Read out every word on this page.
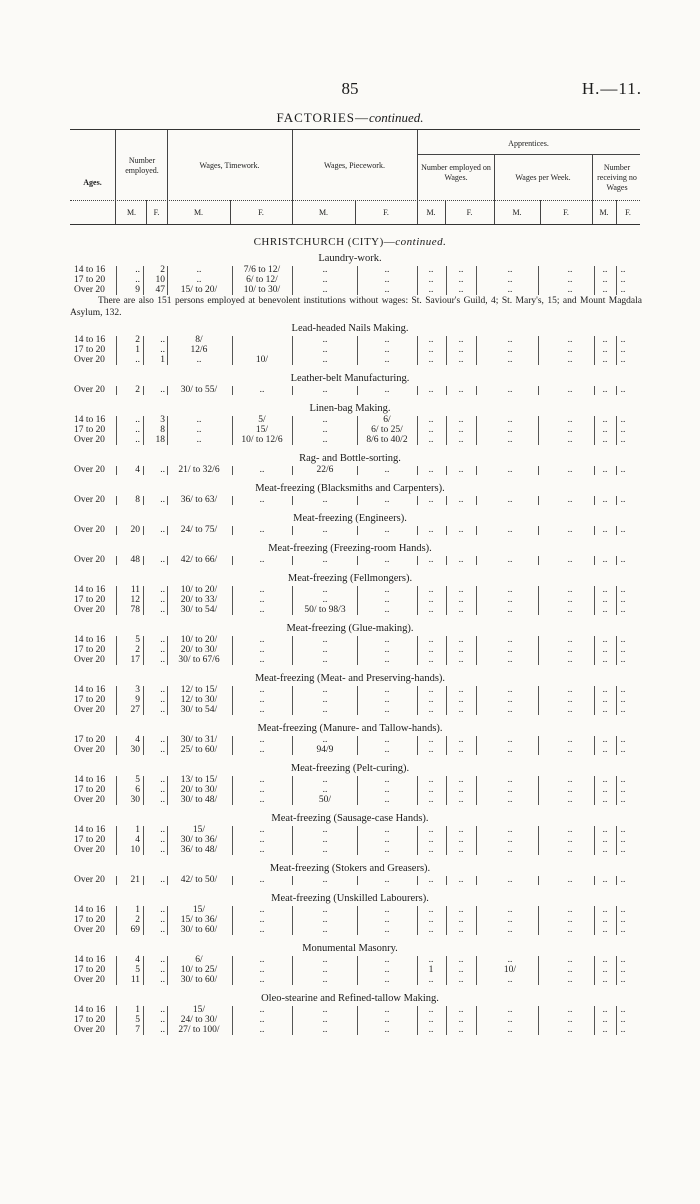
85	H.—11.
FACTORIES—continued.
Ages.
Number employed.
Wages, Timework.	Wages, Piecework.
Apprentices.
Number employed on Wages.	Wages per Week.
Number receiving no Wages
M.	F.	M.	F.	M.	F.	M.	F.	M.	F.	M.	F.
CHRISTCHURCH (CITY)—continued.
Laundry-work.
14 to 16	..	2	..	7/6 to 12/	..	..	..	..	..	..	..	..
17 to 20	..	10	..	6/ to 12/	..	..	..	..	..	..	..	..
Over 20	9	47	15/ to 20/	10/ to 30/	..	..	..	..	..	..	..	..
There are also 151 persons employed at benevolent institutions without wages: St. Saviour's Guild, 4; St. Mary's, 15; and Mount Magdala Asylum, 132.
Lead-headed Nails Making.
14 to 16	2	..	8/	..	..	..	..	..	..	..	..
17 to 20	1	..	12/6	..	..	..	..	..	..	..	..
Over 20	..	1	..	10/	..	..	..	..	..	..	..	..
Leather-belt Manufacturing.
Over 20	2	..	30/ to 55/	..	..	..	..	..	..	..	..	..
Linen-bag Making.
14 to 16	..	3	..	5/	..	6/	..	..	..	..	..	..
17 to 20	..	8	..	15/	..	6/ to 25/	..	..	..	..	..	..
Over 20	..	18	..	10/ to 12/6	..	8/6 to 40/2	..	..	..	..	..	..
Rag- and Bottle-sorting.
Over 20	4	..	21/ to 32/6	..	22/6	..	..	..	..	..	..	..
Meat-freezing (Blacksmiths and Carpenters).
Over 20	8	..	36/ to 63/	..	..	..	..	..	..	..	..	..
Meat-freezing (Engineers).
Over 20	20	..	24/ to 75/	..	..	..	..	..	..	..	..	..
Meat-freezing (Freezing-room Hands).
Over 20	48	..	42/ to 66/	..	..	..	..	..	..	..	..	..
Meat-freezing (Fellmongers).
14 to 16	11	..	10/ to 20/	..	..	..	..	..	..	..	..	..
17 to 20	12	..	20/ to 33/	..	..	..	..	..	..	..	..	..
Over 20	78	..	30/ to 54/	..	50/ to 98/3	..	..	..	..	..	..	..
Meat-freezing (Glue-making).
14 to 16	5	..	10/ to 20/	..	..	..	..	..	..	..	..	..
17 to 20	2	..	20/ to 30/	..	..	..	..	..	..	..	..	..
Over 20	17	..	30/ to 67/6	..	..	..	..	..	..	..	..	..
Meat-freezing (Meat- and Preserving-hands).
14 to 16	3	..	12/ to 15/	..	..	..	..	..	..	..	..	..
17 to 20	9	..	12/ to 30/	..	..	..	..	..	..	..	..	..
Over 20	27	..	30/ to 54/	..	..	..	..	..	..	..	..	..
Meat-freezing (Manure- and Tallow-hands).
17 to 20	4	..	30/ to 31/	..	..	..	..	..	..	..	..	..
Over 20	30	..	25/ to 60/	..	94/9	..	..	..	..	..	..	..
Meat-freezing (Pelt-curing).
14 to 16	5	..	13/ to 15/	..	..	..	..	..	..	..	..	..
17 to 20	6	..	20/ to 30/	..	..	..	..	..	..	..	..	..
Over 20	30	..	30/ to 48/	..	50/	..	..	..	..	..	..	..
Meat-freezing (Sausage-case Hands).
14 to 16	1	..	15/	..	..	..	..	..	..	..	..	..
17 to 20	4	..	30/ to 36/	..	..	..	..	..	..	..	..	..
Over 20	10	..	36/ to 48/	..	..	..	..	..	..	..	..	..
Meat-freezing (Stokers and Greasers).
Over 20	21	..	42/ to 50/	..	..	..	..	..	..	..	..	..
Meat-freezing (Unskilled Labourers).
14 to 16	1	..	15/	..	..	..	..	..	..	..	..	..
17 to 20	2	..	15/ to 36/	..	..	..	..	..	..	..	..	..
Over 20	69	..	30/ to 60/	..	..	..	..	..	..	..	..	..
Monumental Masonry.
14 to 16	4	..	6/	..	..	..	..	..	..	..	..	..
17 to 20	5	..	10/ to 25/	..	..	..	1	..	10/	..	..	..
Over 20	11	..	30/ to 60/	..	..	..	..	..	..	..	..	..
Oleo-stearine and Refined-tallow Making.
14 to 16	1	..	15/	..	..	..	..	..	..	..	..	..
17 to 20	5	..	24/ to 30/	..	..	..	..	..	..	..	..	..
Over 20	7	..	27/ to 100/	..	..	..	..	..	..	..	..	..
